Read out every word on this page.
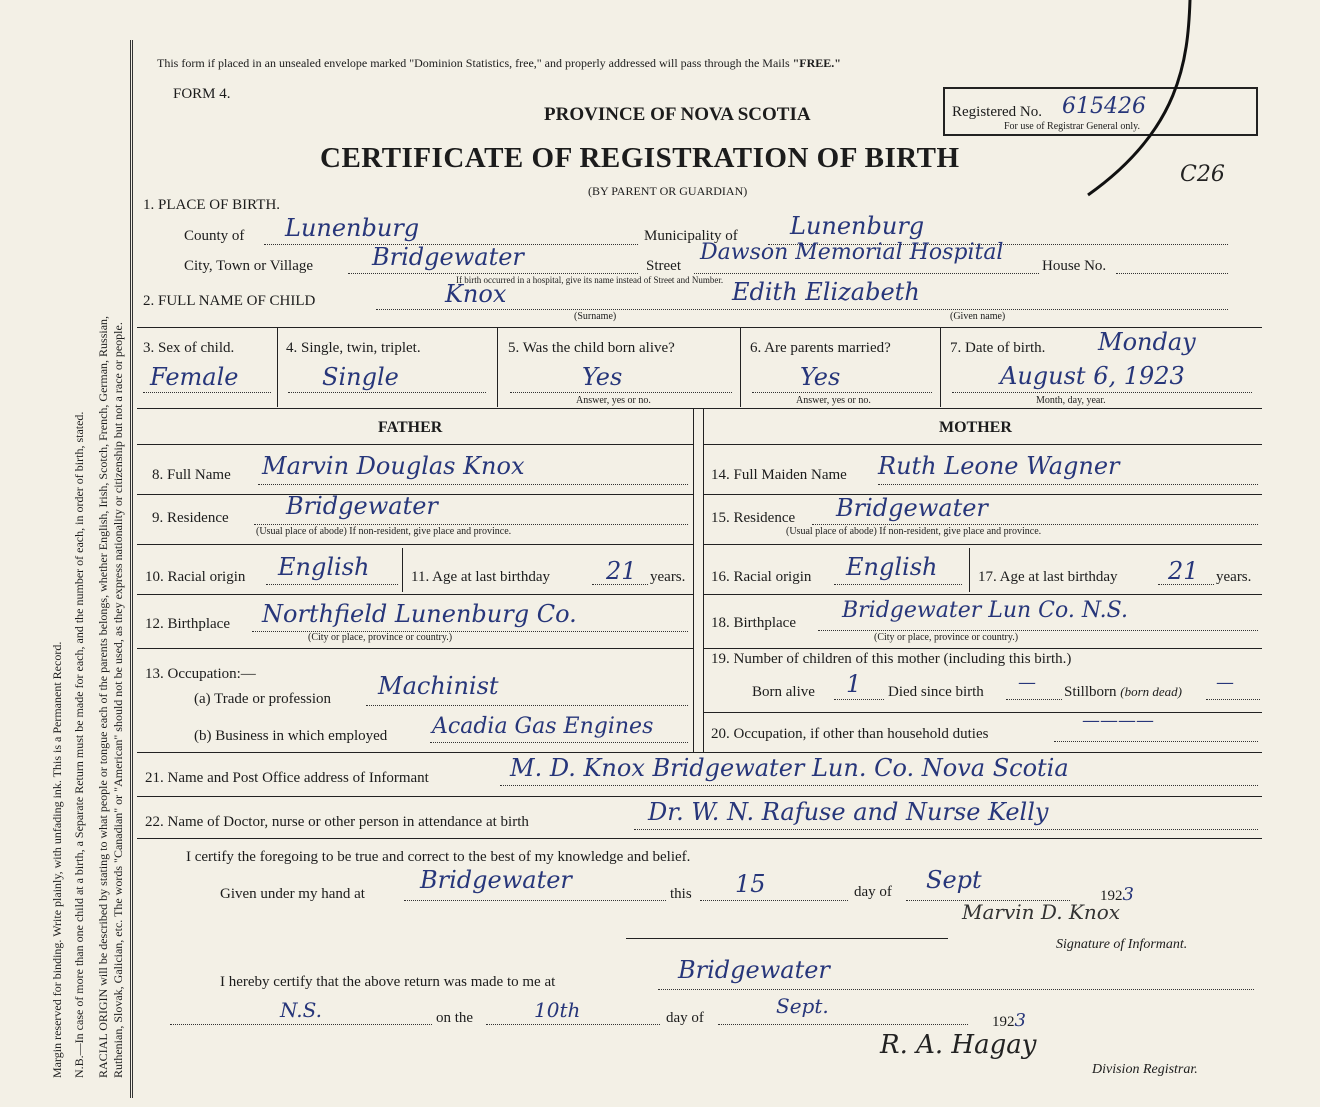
Margin reserved for binding. Write plainly, with unfading ink. This is a Permanent Record. N.B.—In case of more than one child at a birth, a Separate Return must be made for each, and the number of each, in order of birth, stated. RACIAL ORIGIN will be described by stating to what people or tongue each of the parents belongs, whether English, Irish, Scotch, French, German, Russian, Ruthenian, Slovak, Galician, etc. The words "Canadian" or "American" should not be used, as they express nationality or citizenship but not a race or people.
This form if placed in an unsealed envelope marked "Dominion Statistics, free," and properly addressed will pass through the Mails "FREE."
FORM 4.
PROVINCE OF NOVA SCOTIA
CERTIFICATE OF REGISTRATION OF BIRTH
(BY PARENT OR GUARDIAN)
Registered No. 615426
For use of Registrar General only.
C26
1. PLACE OF BIRTH.
County of Lunenburg	Municipality of Lunenburg
City, Town or Village Bridgewater	Street
Dawson Memorial Hospital
House No.
If birth occurred in a hospital, give its name instead of Street and Number.
2. FULL NAME OF CHILD	Knox
(Surname)
Edith Elizabeth
(Given name)
3. Sex of child.
Female
4. Single, twin, triplet.
Single
5. Was the child born alive?
Yes
Answer, yes or no.
6. Are parents married?
Yes
Answer, yes or no.
7. Date of birth. Monday
August 6, 1923
Month, day, year.
FATHER	MOTHER
8. Full Name Marvin Douglas Knox
9. Residence Bridgewater
(Usual place of abode) If non-resident, give place and province.
10. Racial origin English	11. Age at last birthday 21 years.
12. Birthplace Northfield Lunenburg Co.
(City or place, province or country.)
13. Occupation:—
(a) Trade or profession Machinist
(b) Business in which employed Acadia Gas Engines
14. Full Maiden Name Ruth Leone Wagner
15. Residence Bridgewater
(Usual place of abode) If non-resident, give place and province.
16. Racial origin English	17. Age at last birthday 21 years.
18. Birthplace Bridgewater Lun Co. N.S.
(City or place, province or country.)
19. Number of children of this mother (including this birth.)
Born alive 1 Died since birth — Stillborn (born dead) —
20. Occupation, if other than household duties
————
21. Name and Post Office address of Informant	M. D. Knox Bridgewater Lun. Co. Nova Scotia
22. Name of Doctor, nurse or other person in attendance at birth	Dr. W. N. Rafuse and Nurse Kelly
I certify the foregoing to be true and correct to the best of my knowledge and belief.
Given under my hand at Bridgewater	this 15	day of Sept
1923
Marvin D. Knox
Signature of Informant.
I hereby certify that the above return was made to me at	Bridgewater
N.S.	on the	10th	day of	Sept.
1923
R. A. Hagay
Division Registrar.
